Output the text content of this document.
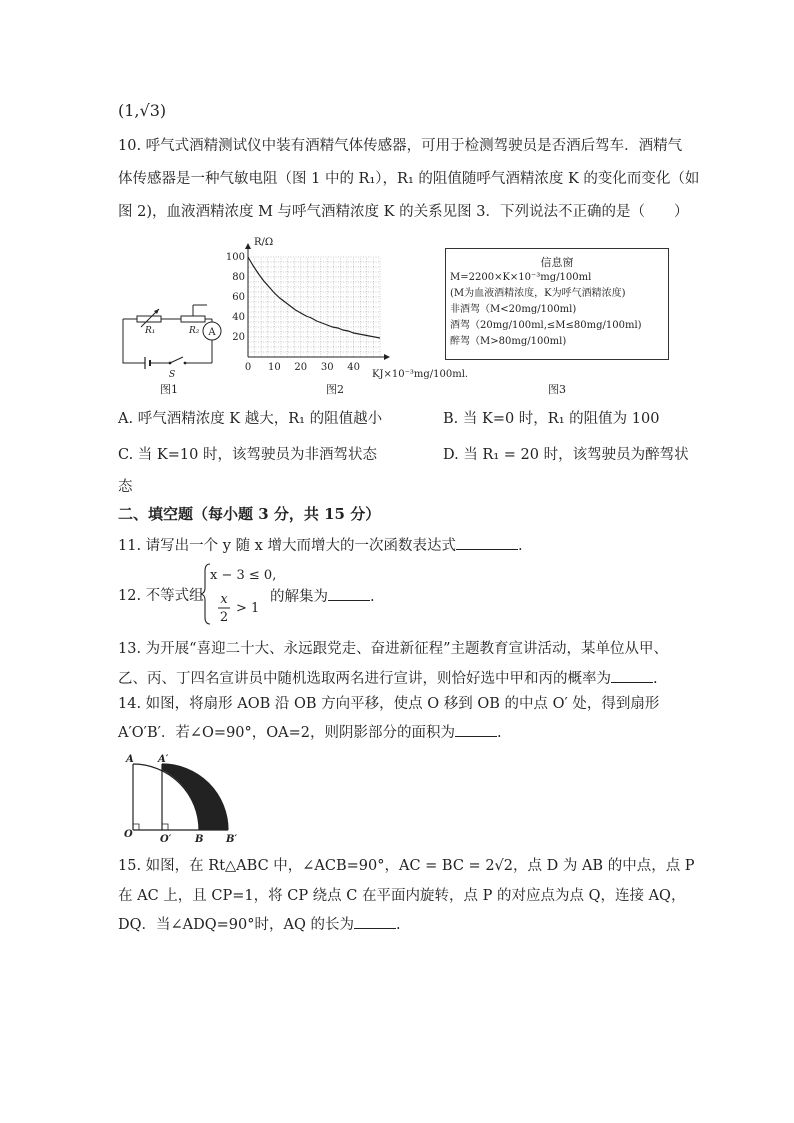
(1,√3)
10. 呼气式酒精测试仪中装有酒精气体传感器，可用于检测驾驶员是否酒后驾车．酒精气
体传感器是一种气敏电阻（图 1 中的 R₁），R₁ 的阻值随呼气酒精浓度 K 的变化而变化（如
图 2)，血液酒精浓度 M 与呼气酒精浓度 K 的关系见图 3．下列说法不正确的是（　　）
A
R₁	R₂
S
图1
0 10 20 30 40
20
40
60
80
100
R/Ω
KJ×10⁻³mg/100ml.
图2
信息窗
M=2200×K×10⁻³mg/100ml
(M为血液酒精浓度，K为呼气酒精浓度)
非酒驾（M<20mg/100ml)
酒驾（20mg/100ml,≤M≤80mg/100ml)
醉驾（M>80mg/100ml)
图3
A. 呼气酒精浓度 K 越大，R₁ 的阻值越小	B. 当 K=0 时，R₁ 的阻值为 100
C. 当 K=10 时，该驾驶员为非酒驾状态	D. 当 R₁ = 20 时，该驾驶员为醉驾状
态
二、填空题（每小题 3 分，共 15 分）
11. 请写出一个 y 随 x 增大而增大的一次函数表达式	.
12. 不等式组
x − 3 ≤ 0,
x
2
> 1
的解集为	.
13. 为开展“喜迎二十大、永远跟党走、奋进新征程”主题教育宣讲活动，某单位从甲、
乙、丙、丁四名宣讲员中随机选取两名进行宣讲，则恰好选中甲和丙的概率为	.
14. 如图，将扇形 AOB 沿 OB 方向平移，使点 O 移到 OB 的中点 O′ 处，得到扇形
A′O′B′．若∠O=90°，OA=2，则阴影部分的面积为	.
A A′
O	O′ B B′
15. 如图，在 Rt△ABC 中，∠ACB=90°，AC = BC = 2√2，点 D 为 AB 的中点，点 P
在 AC 上，且 CP=1，将 CP 绕点 C 在平面内旋转，点 P 的对应点为点 Q，连接 AQ，
DQ．当∠ADQ=90°时，AQ 的长为	.
